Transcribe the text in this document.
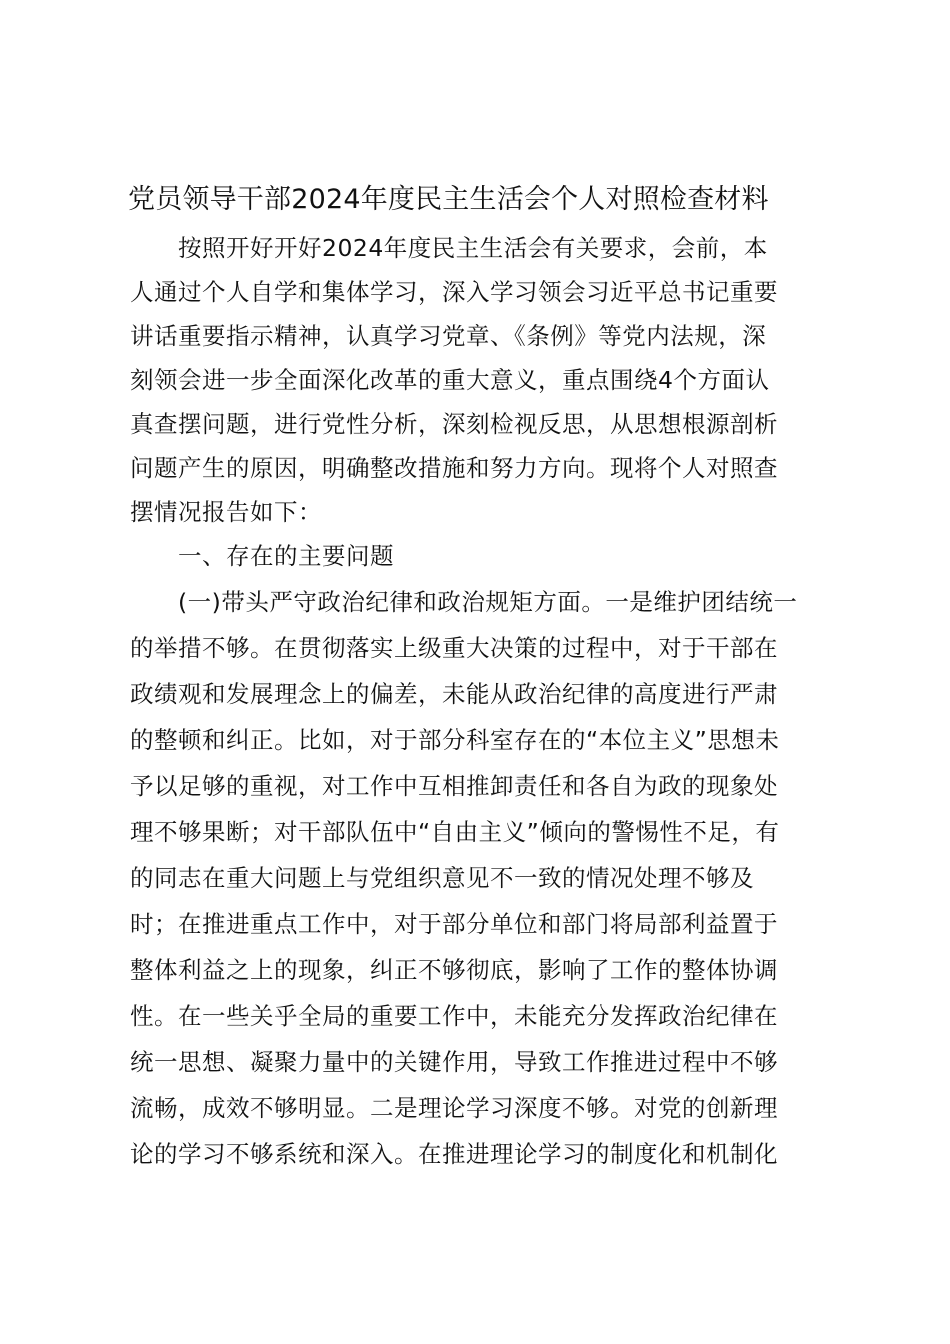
党员领导干部2024年度民主生活会个人对照检查材料
　　按照开好开好2024年度民主生活会有关要求，会前，本
人通过个人自学和集体学习，深入学习领会习近平总书记重要
讲话重要指示精神，认真学习党章、《条例》等党内法规，深
刻领会进一步全面深化改革的重大意义，重点围绕4个方面认
真查摆问题，进行党性分析，深刻检视反思，从思想根源剖析
问题产生的原因，明确整改措施和努力方向。现将个人对照查
摆情况报告如下：
　　一、存在的主要问题
　　(一)带头严守政治纪律和政治规矩方面。一是维护团结统一
的举措不够。在贯彻落实上级重大决策的过程中，对于干部在
政绩观和发展理念上的偏差，未能从政治纪律的高度进行严肃
的整顿和纠正。比如，对于部分科室存在的“本位主义”思想未
予以足够的重视，对工作中互相推卸责任和各自为政的现象处
理不够果断；对干部队伍中“自由主义”倾向的警惕性不足，有
的同志在重大问题上与党组织意见不一致的情况处理不够及
时；在推进重点工作中，对于部分单位和部门将局部利益置于
整体利益之上的现象，纠正不够彻底，影响了工作的整体协调
性。在一些关乎全局的重要工作中，未能充分发挥政治纪律在
统一思想、凝聚力量中的关键作用，导致工作推进过程中不够
流畅，成效不够明显。二是理论学习深度不够。对党的创新理
论的学习不够系统和深入。在推进理论学习的制度化和机制化
